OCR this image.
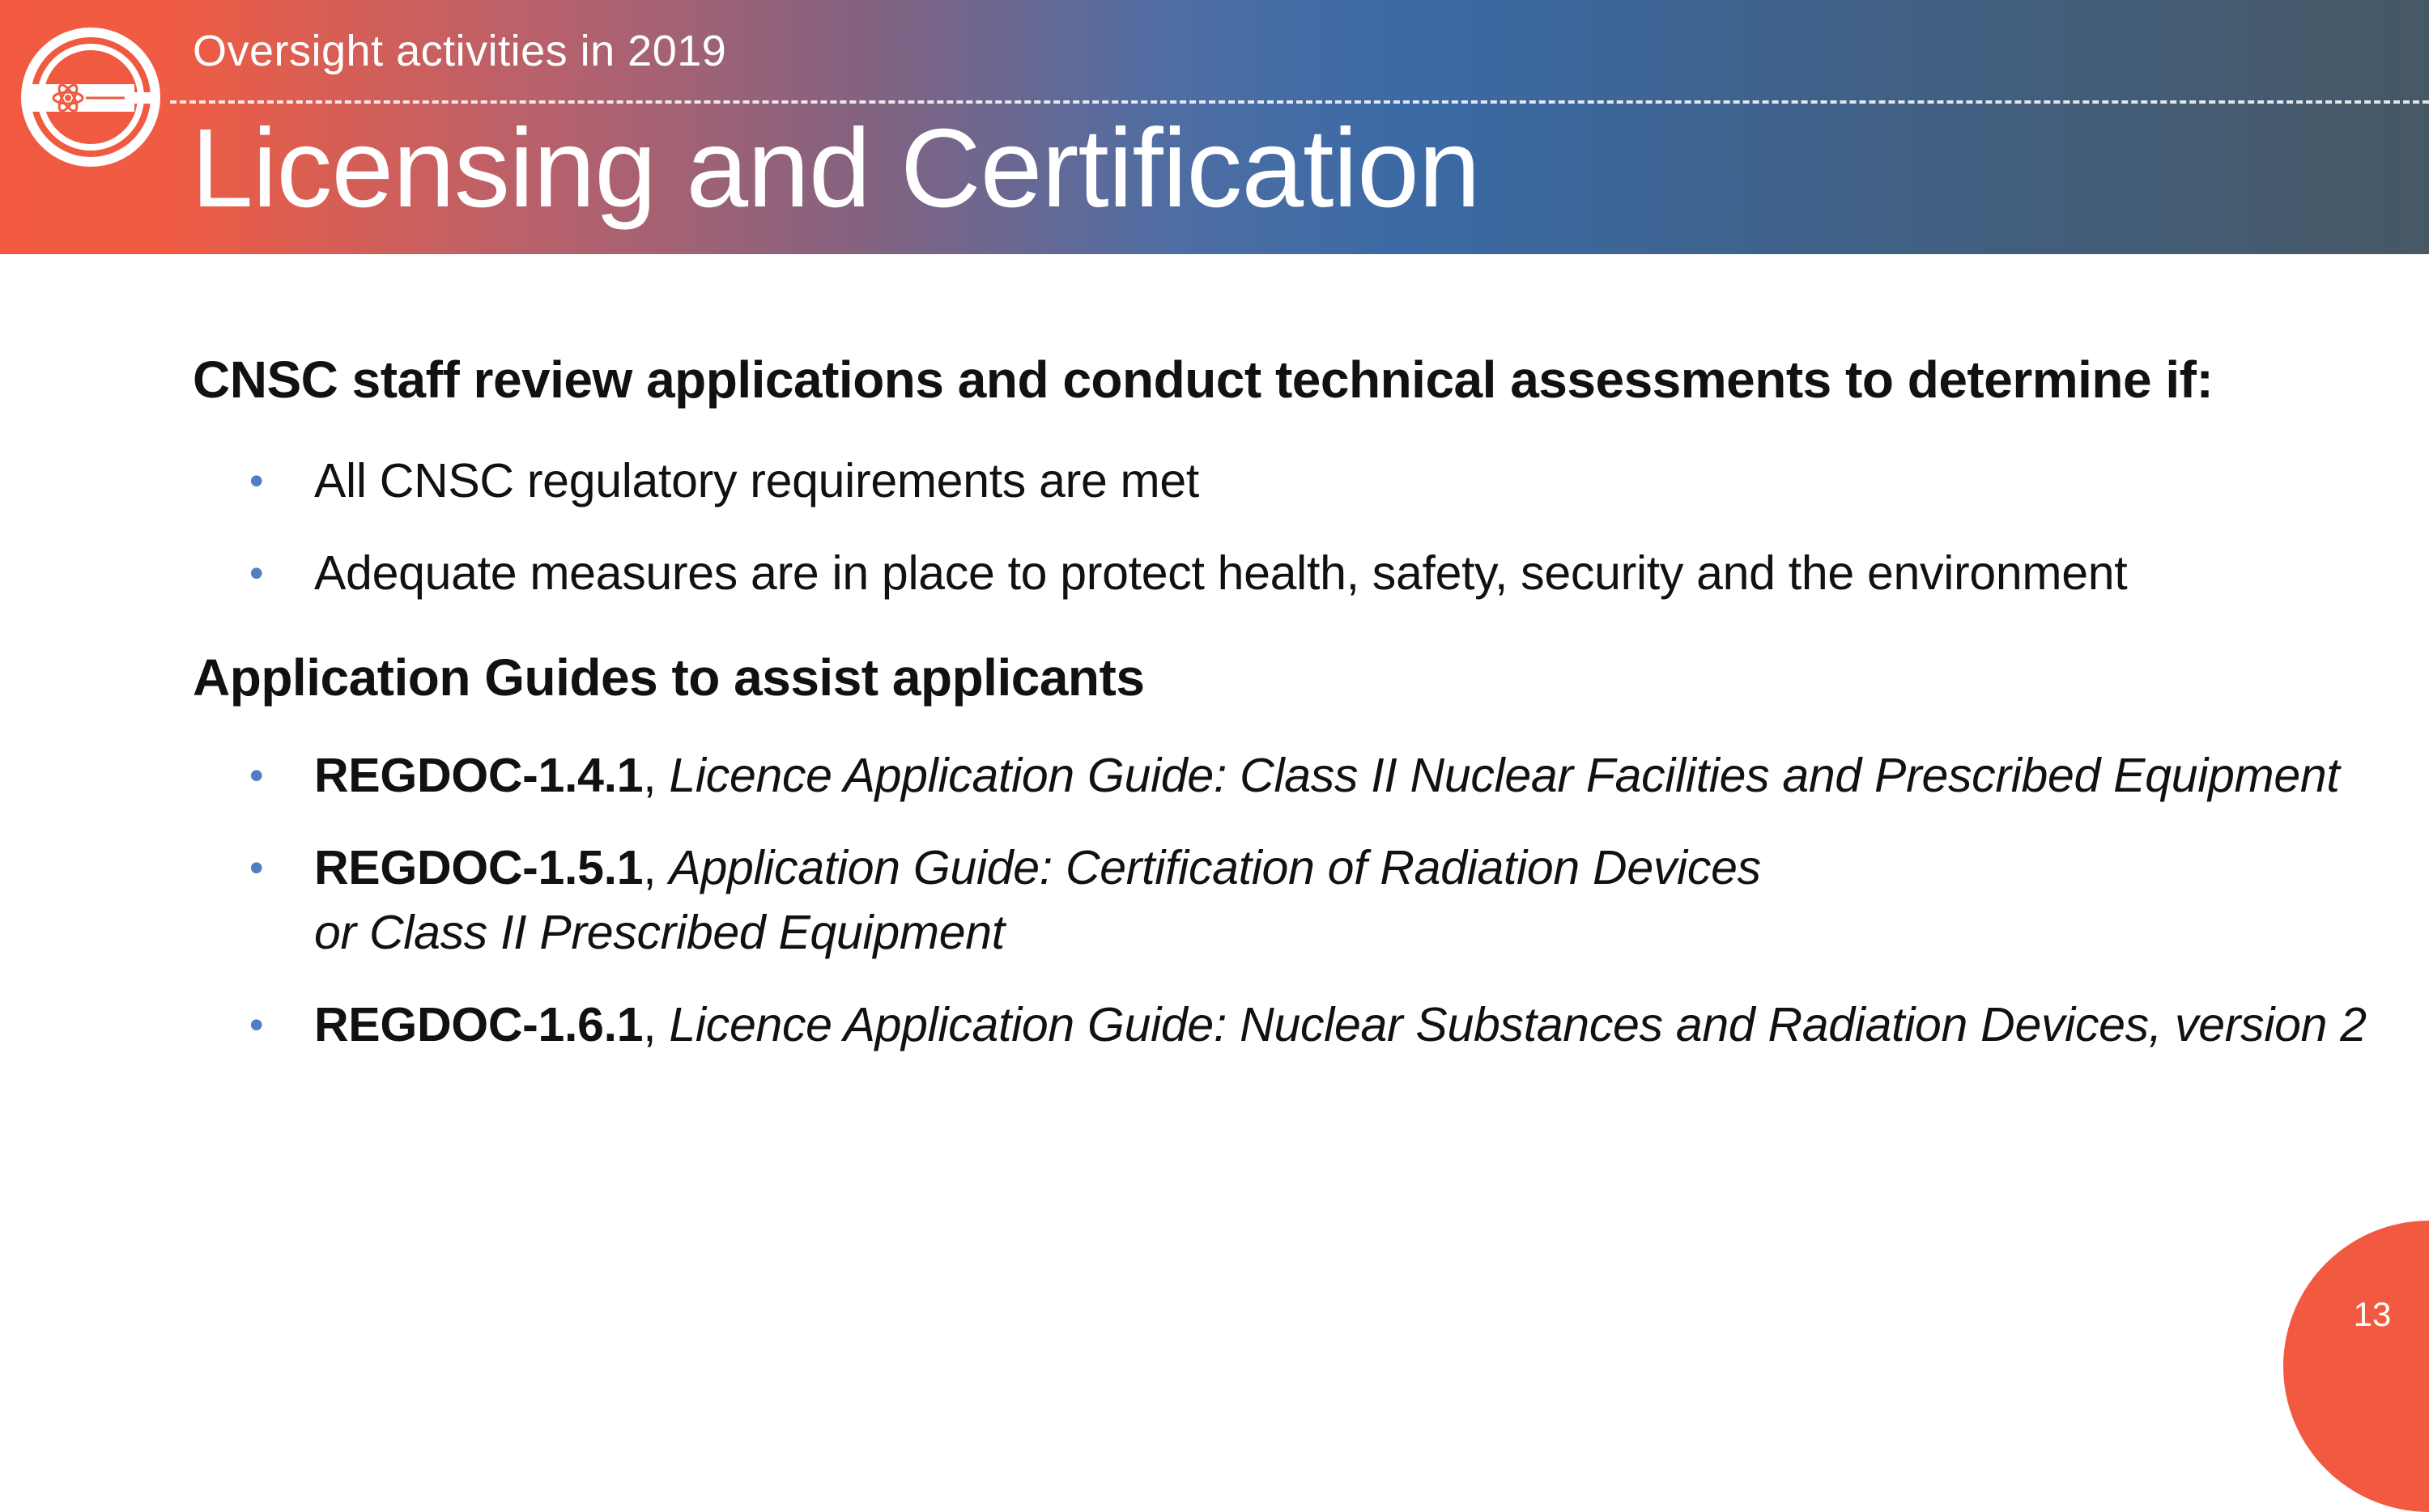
Oversight activities in 2019
Licensing and Certification
CNSC staff review applications and conduct technical assessments to determine if:
• All CNSC regulatory requirements are met
• Adequate measures are in place to protect health, safety, security and the environment
Application Guides to assist applicants
• REGDOC-1.4.1, Licence Application Guide: Class II Nuclear Facilities and Prescribed Equipment
• REGDOC-1.5.1, Application Guide: Certification of Radiation Devices
or Class II Prescribed Equipment
• REGDOC-1.6.1, Licence Application Guide: Nuclear Substances and Radiation Devices, version 2
13
